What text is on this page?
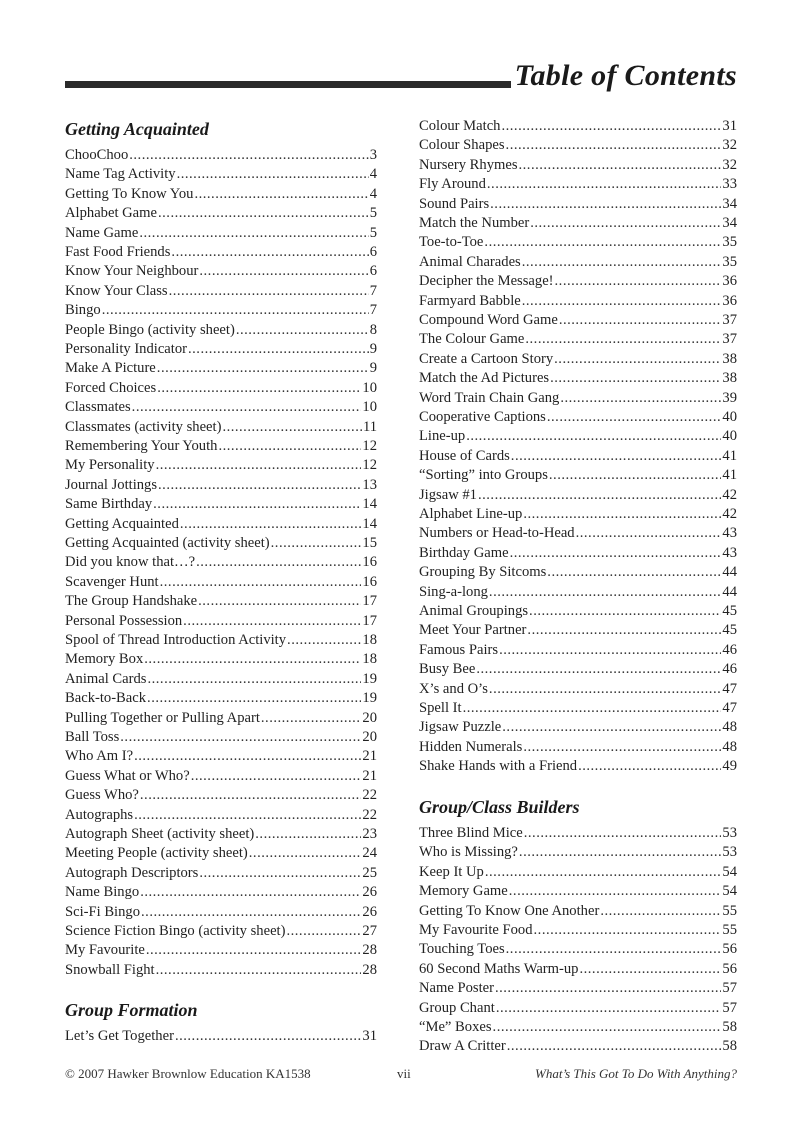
Table of Contents
Getting Acquainted
ChooChoo .....	3
Name Tag Activity .....	4
Getting To Know You .....	4
Alphabet Game .....	5
Name Game .....	5
Fast Food Friends .....	6
Know Your Neighbour .....	6
Know Your Class .....	7
Bingo .....	7
People Bingo (activity sheet) .....	8
Personality Indicator .....	9
Make A Picture .....	9
Forced Choices .....	10
Classmates .....	10
Classmates (activity sheet) .....	11
Remembering Your Youth .....	12
My Personality .....	12
Journal Jottings .....	13
Same Birthday .....	14
Getting Acquainted .....	14
Getting Acquainted (activity sheet) .....	15
Did you know that…? .....	16
Scavenger Hunt .....	16
The Group Handshake .....	17
Personal Possession .....	17
Spool of Thread Introduction Activity .....	18
Memory Box .....	18
Animal Cards .....	19
Back-to-Back .....	19
Pulling Together or Pulling Apart .....	20
Ball Toss .....	20
Who Am I? .....	21
Guess What or Who? .....	21
Guess Who? .....	22
Autographs .....	22
Autograph Sheet (activity sheet) .....	23
Meeting People (activity sheet) .....	24
Autograph Descriptors .....	25
Name Bingo .....	26
Sci-Fi Bingo .....	26
Science Fiction Bingo (activity sheet) .....	27
My Favourite .....	28
Snowball Fight .....	28
Group Formation
Let’s Get Together .....	31
Colour Match .....	31
Colour Shapes .....	32
Nursery Rhymes .....	32
Fly Around .....	33
Sound Pairs .....	34
Match the Number .....	34
Toe-to-Toe .....	35
Animal Charades .....	35
Decipher the Message! .....	36
Farmyard Babble .....	36
Compound Word Game .....	37
The Colour Game .....	37
Create a Cartoon Story .....	38
Match the Ad Pictures .....	38
Word Train Chain Gang .....	39
Cooperative Captions .....	40
Line-up .....	40
House of Cards .....	41
“Sorting” into Groups .....	41
Jigsaw #1 .....	42
Alphabet Line-up .....	42
Numbers or Head-to-Head .....	43
Birthday Game .....	43
Grouping By Sitcoms .....	44
Sing-a-long .....	44
Animal Groupings .....	45
Meet Your Partner .....	45
Famous Pairs .....	46
Busy Bee .....	46
X’s and O’s .....	47
Spell It .....	47
Jigsaw Puzzle .....	48
Hidden Numerals .....	48
Shake Hands with a Friend .....	49
Group/Class Builders
Three Blind Mice .....	53
Who is Missing? .....	53
Keep It Up .....	54
Memory Game .....	54
Getting To Know One Another .....	55
My Favourite Food .....	55
Touching Toes .....	56
60 Second Maths Warm-up .....	56
Name Poster .....	57
Group Chant .....	57
“Me” Boxes .....	58
Draw A Critter .....	58
© 2007 Hawker Brownlow Education KA1538	vii	What’s This Got To Do With Anything?
